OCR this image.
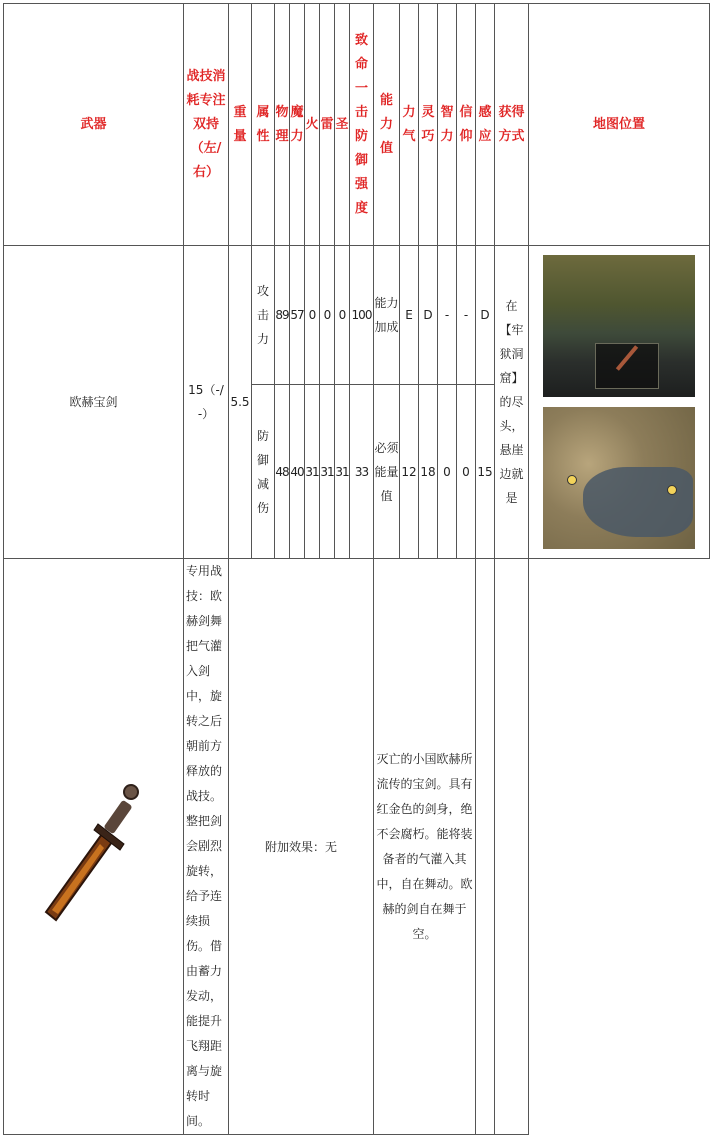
武器	战技消耗专注双持（左/右）	重量	属性	物理	魔力	火	雷	圣	致命一击防御强度	能力值	力气	灵巧	智力	信仰	感应	获得方式	地图位置
欧赫宝剑	15（-/-）	5.5	攻击力	89	57	0	0	0	100	能力加成	E	D	-	-	D	在【牢狱洞窟】的尽头，悬崖边就是	

			防御减伤	48	40	31	31	31	33	必须能量值	12	18	0	0	15		

	专用战技：欧赫剑舞把气灌入剑中，旋转之后朝前方释放的战技。整把剑会剧烈旋转，给予连续损伤。借由蓄力发动，能提升飞翔距离与旋转时间。	附加效果：无								灭亡的小国欧赫所流传的宝剑。具有红金色的剑身，绝不会腐朽。能将装备者的气灌入其中，自在舞动。欧赫的剑自在舞于空。							
